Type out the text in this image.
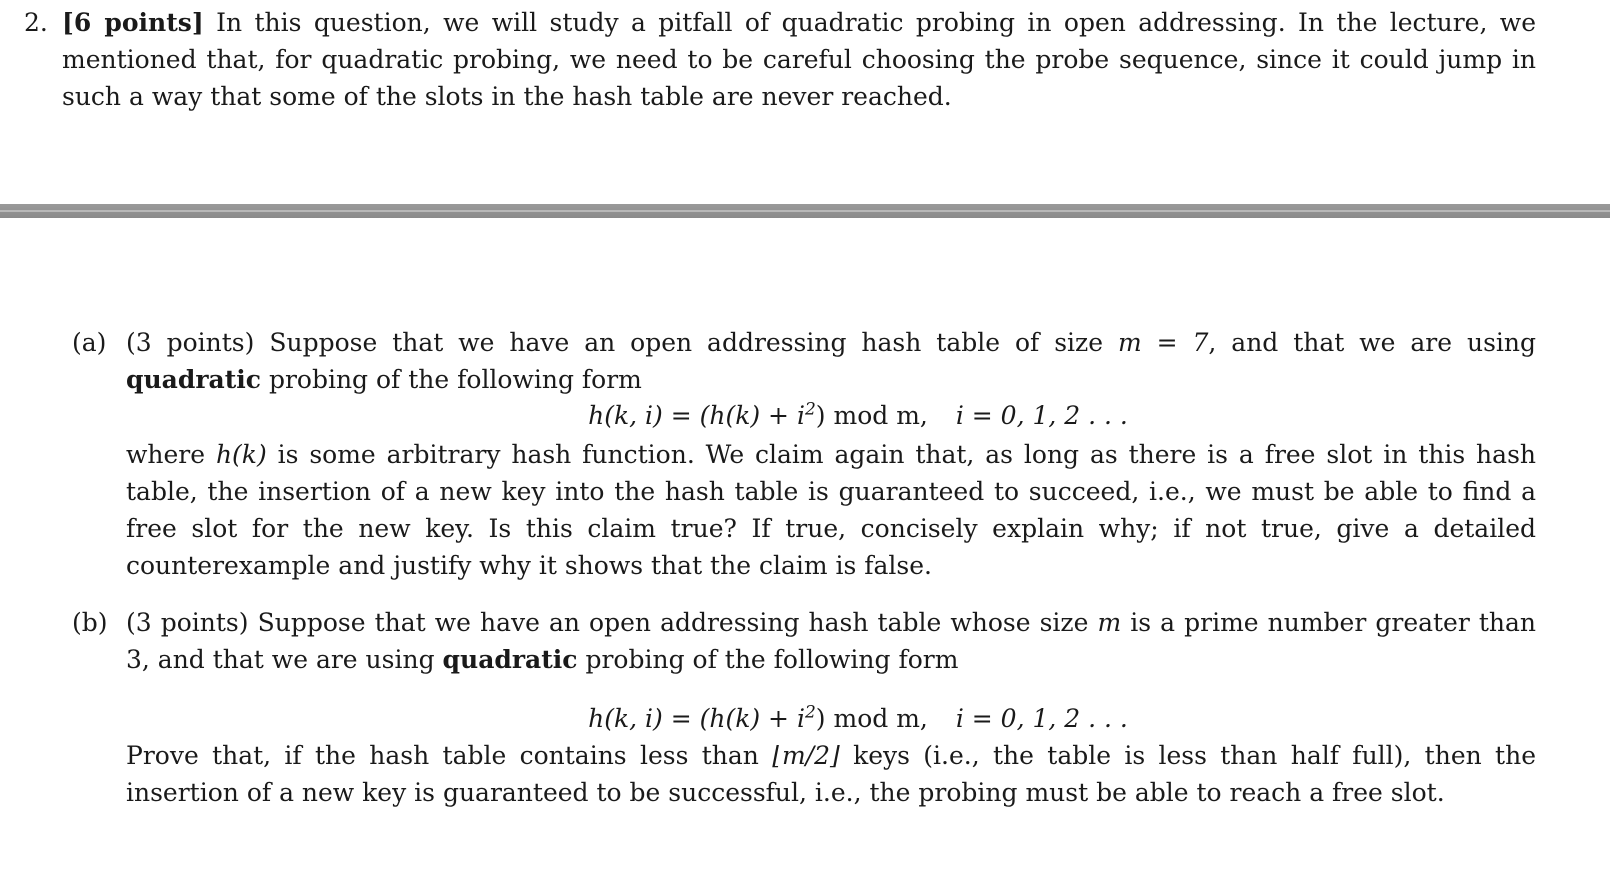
2. [6 points] In this question, we will study a pitfall of quadratic probing in open addressing. In the lecture, we mentioned that, for quadratic probing, we need to be careful choosing the probe sequence, since it could jump in such a way that some of the slots in the hash table are never reached.
(a) (3 points) Suppose that we have an open addressing hash table of size m = 7, and that we are using quadratic probing of the following form
h(k, $i) = (h(k) + i^2)$ mod m, i = 0, 1, 2 . . .
where h(k) is some arbitrary hash function. We claim again that, as long as there is a free slot in this hash table, the insertion of a new key into the hash table is guaranteed to succeed, i.e., we must be able to find a free slot for the new key. Is this claim true? If true, concisely explain why; if not true, give a detailed counterexample and justify why it shows that the claim is false.
(b) (3 points) Suppose that we have an open addressing hash table whose size m is a prime number greater than 3, and that we are using quadratic probing of the following form
h(k, $i) = (h(k) + i^2)$ mod m, i = 0, 1, 2 . . .
Prove that, if the hash table contains less than ⌊m/2⌋ keys (i.e., the table is less than half full), then the insertion of a new key is guaranteed to be successful, i.e., the probing must be able to reach a free slot.
